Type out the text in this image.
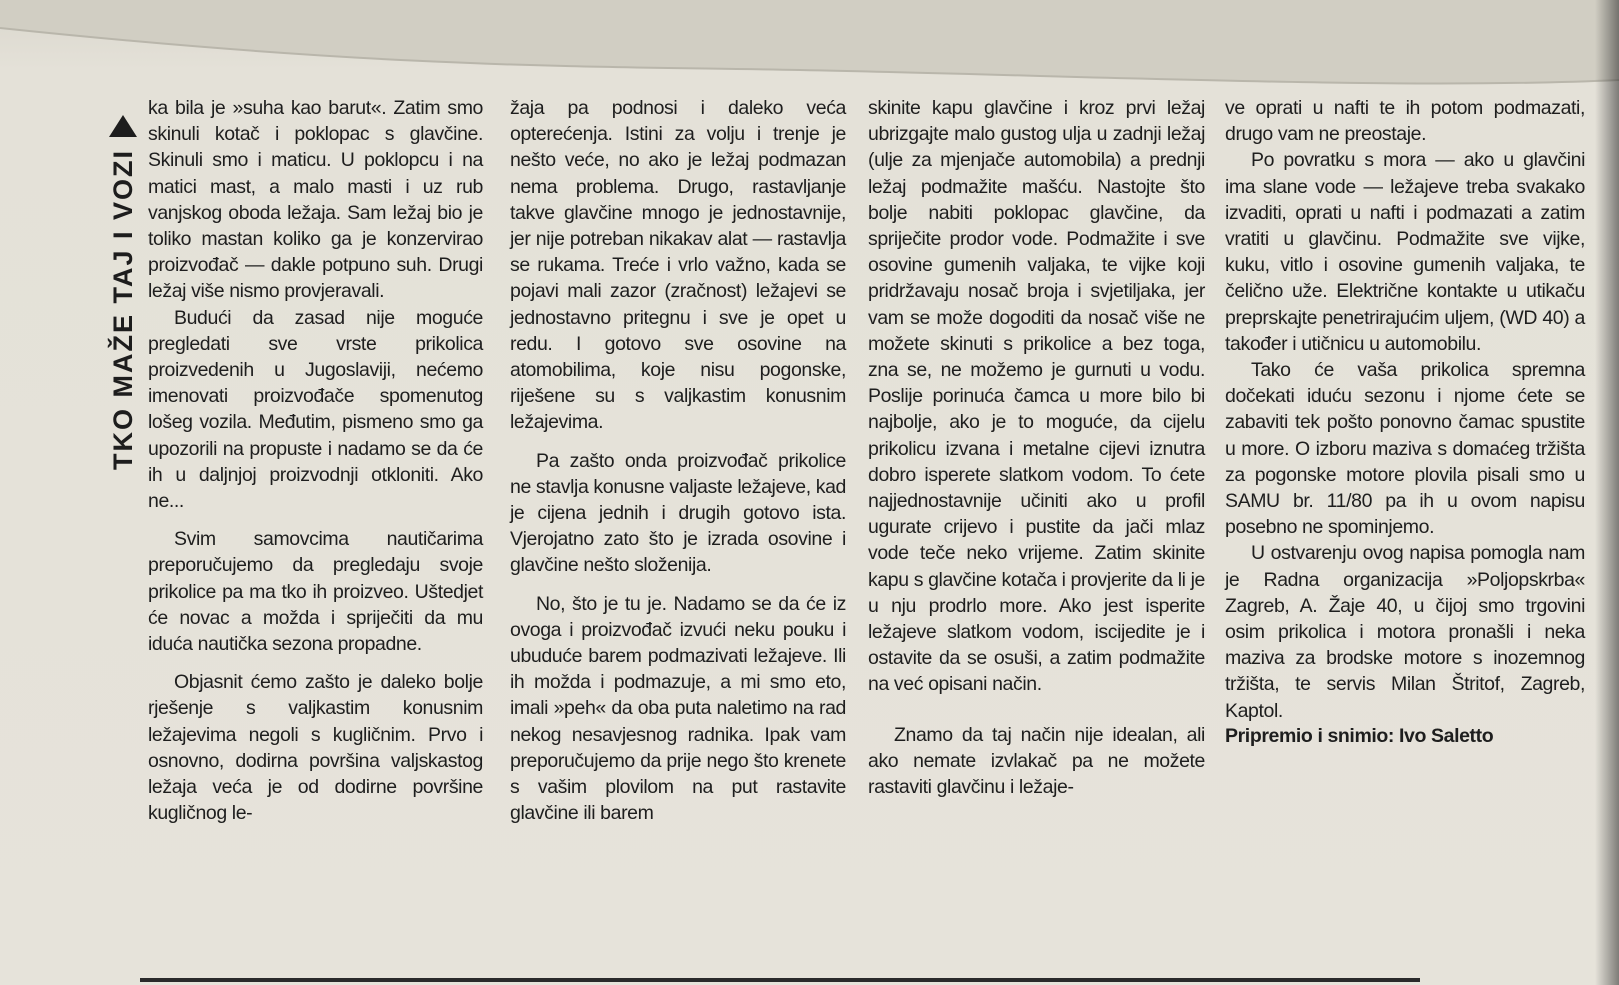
TKO MAŽE TAJ I VOZI

ka bila je »suha kao barut«. Zatim smo skinuli kotač i poklopac s glavčine. Skinuli smo i maticu. U poklopcu i na matici mast, a malo masti i uz rub vanjskog oboda ležaja. Sam ležaj bio je toliko mastan koliko ga je konzervirao proizvođač — dakle potpuno suh. Drugi ležaj više nismo provjeravali.

Budući da zasad nije moguće pregledati sve vrste prikolica proizvedenih u Jugoslaviji, nećemo imenovati proizvođače spomenutog lošeg vozila. Međutim, pismeno smo ga upozorili na propuste i nadamo se da će ih u daljnjoj proizvodnji otkloniti. Ako ne...

Svim samovcima nautičarima preporučujemo da pregledaju svoje prikolice pa ma tko ih proizveo. Uštedjet će novac a možda i spriječiti da mu iduća nautička sezona propadne.

Objasnit ćemo zašto je daleko bolje rješenje s valjkastim konusnim ležajevima negoli s kugličnim. Prvo i osnovno, dodirna površina valjskastog ležaja veća je od dodirne površine kugličnog le-

žaja pa podnosi i daleko veća opterećenja. Istini za volju i trenje je nešto veće, no ako je ležaj podmazan nema problema. Drugo, rastavljanje takve glavčine mnogo je jednostavnije, jer nije potreban nikakav alat — rastavlja se rukama. Treće i vrlo važno, kada se pojavi mali zazor (zračnost) ležajevi se jednostavno pritegnu i sve je opet u redu. I gotovo sve osovine na atomobilima, koje nisu pogonske, riješene su s valjkastim konusnim ležajevima.

Pa zašto onda proizvođač prikolice ne stavlja konusne valjaste ležajeve, kad je cijena jednih i drugih gotovo ista. Vjerojatno zato što je izrada osovine i glavčine nešto složenija.

No, što je tu je. Nadamo se da će iz ovoga i proizvođač izvući neku pouku i ubuduće barem podmazivati ležajeve. Ili ih možda i podmazuje, a mi smo eto, imali »peh« da oba puta naletimo na rad nekog nesavjesnog radnika. Ipak vam preporučujemo da prije nego što krenete s vašim plovilom na put rastavite glavčine ili barem

skinite kapu glavčine i kroz prvi ležaj ubrizgajte malo gustog ulja u zadnji ležaj (ulje za mjenjače automobila) a prednji ležaj podmažite mašću. Nastojte što bolje nabiti poklopac glavčine, da spriječite prodor vode. Podmažite i sve osovine gumenih valjaka, te vijke koji pridržavaju nosač broja i svjetiljaka, jer vam se može dogoditi da nosač više ne možete skinuti s prikolice a bez toga, zna se, ne možemo je gurnuti u vodu. Poslije porinuća čamca u more bilo bi najbolje, ako je to moguće, da cijelu prikolicu izvana i metalne cijevi iznutra dobro isperete slatkom vodom. To ćete najjednostavnije učiniti ako u profil ugurate crijevo i pustite da jači mlaz vode teče neko vrijeme. Zatim skinite kapu s glavčine kotača i provjerite da li je u nju prodrlo more. Ako jest isperite ležajeve slatkom vodom, iscijedite je i ostavite da se osuši, a zatim podmažite na već opisani način.

Znamo da taj način nije idealan, ali ako nemate izvlakač pa ne možete rastaviti glavčinu i ležaje-

ve oprati u nafti te ih potom podmazati, drugo vam ne preostaje.

Po povratku s mora — ako u glavčini ima slane vode — ležajeve treba svakako izvaditi, oprati u nafti i podmazati a zatim vratiti u glavčinu. Podmažite sve vijke, kuku, vitlo i osovine gumenih valjaka, te čelično uže. Električne kontakte u utikaču preprskajte penetrirajućim uljem, (WD 40) a također i utičnicu u automobilu.

Tako će vaša prikolica spremna dočekati iduću sezonu i njome ćete se zabaviti tek pošto ponovno čamac spustite u more. O izboru maziva s domaćeg tržišta za pogonske motore plovila pisali smo u SAMU br. 11/80 pa ih u ovom napisu posebno ne spominjemo.

U ostvarenju ovog napisa pomogla nam je Radna organizacija »Poljopskrba« Zagreb, A. Žaje 40, u čijoj smo trgovini osim prikolica i motora pronašli i neka maziva za brodske motore s inozemnog tržišta, te servis Milan Štritof, Zagreb, Kaptol.

Pripremio i snimio: Ivo Saletto
